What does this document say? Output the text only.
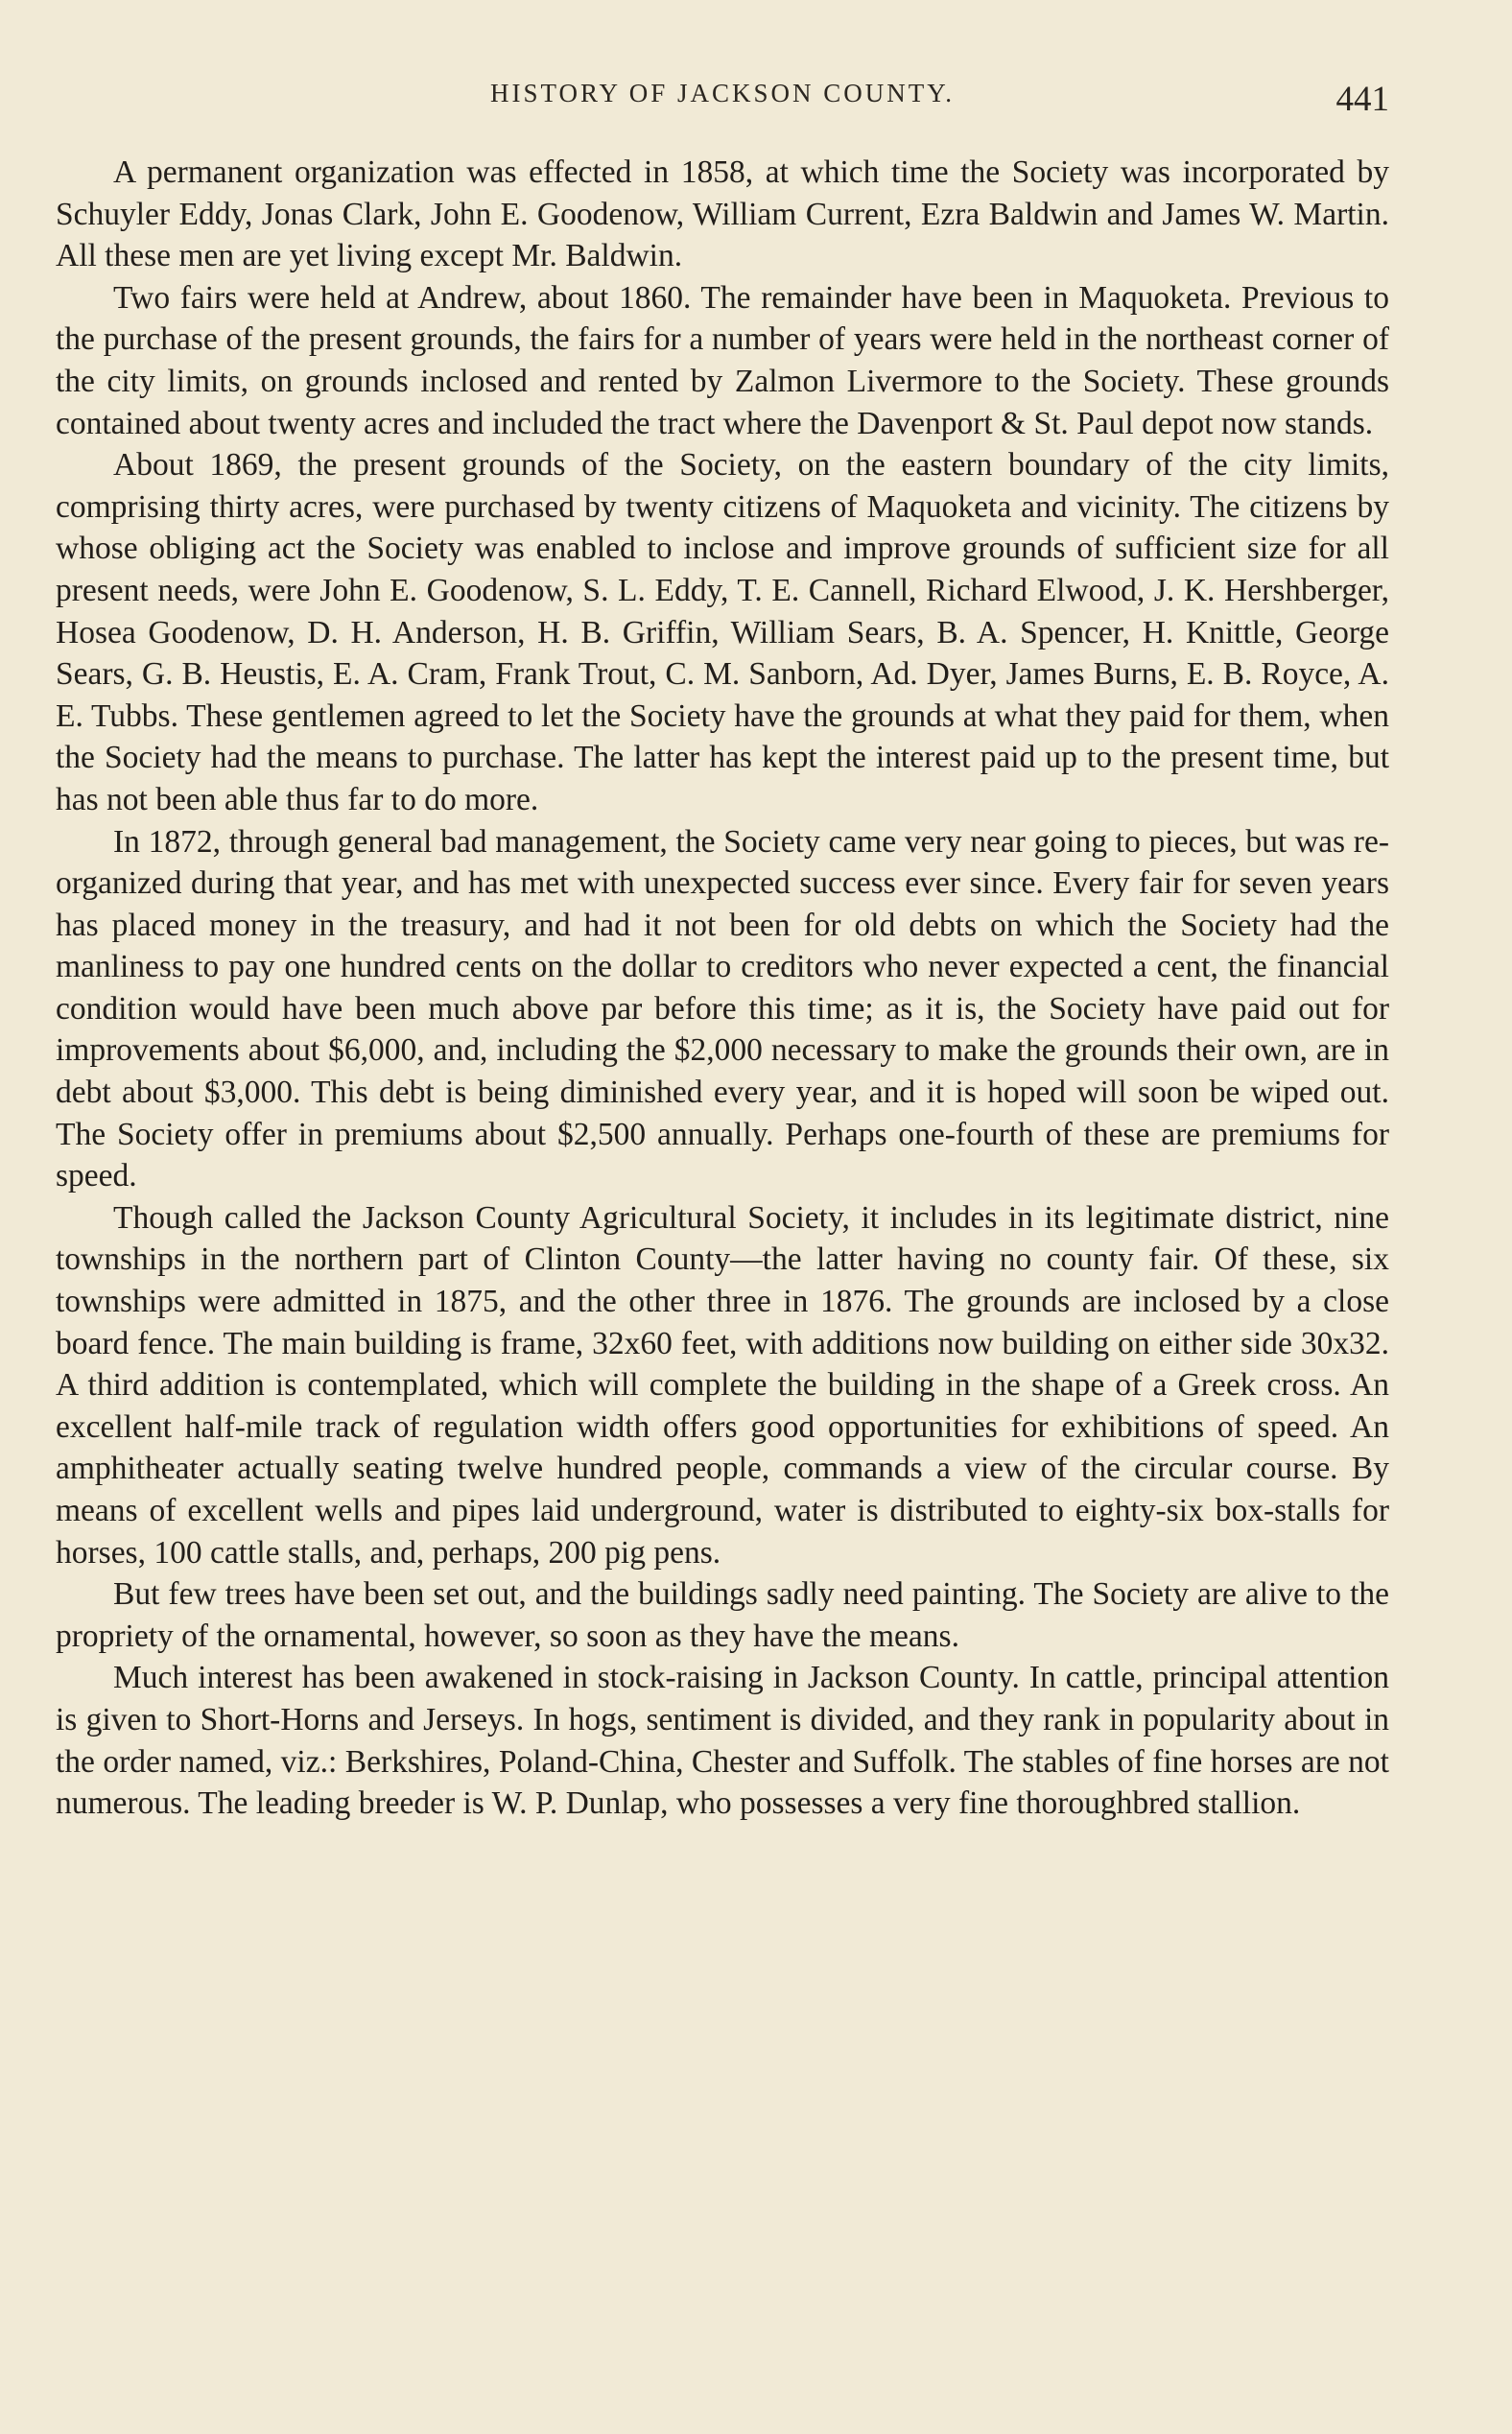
HISTORY OF JACKSON COUNTY.	441

A permanent organization was effected in 1858, at which time the Society was incorporated by Schuyler Eddy, Jonas Clark, John E. Goodenow, William Current, Ezra Baldwin and James W. Martin. All these men are yet living except Mr. Baldwin.

Two fairs were held at Andrew, about 1860. The remainder have been in Maquoketa. Previous to the purchase of the present grounds, the fairs for a number of years were held in the northeast corner of the city limits, on grounds inclosed and rented by Zalmon Livermore to the Society. These grounds contained about twenty acres and included the tract where the Davenport & St. Paul depot now stands.

About 1869, the present grounds of the Society, on the eastern boundary of the city limits, comprising thirty acres, were purchased by twenty citizens of Maquoketa and vicinity. The citizens by whose obliging act the Society was enabled to inclose and improve grounds of sufficient size for all present needs, were John E. Goodenow, S. L. Eddy, T. E. Cannell, Richard Elwood, J. K. Hershberger, Hosea Goodenow, D. H. Anderson, H. B. Griffin, William Sears, B. A. Spencer, H. Knittle, George Sears, G. B. Heustis, E. A. Cram, Frank Trout, C. M. Sanborn, Ad. Dyer, James Burns, E. B. Royce, A. E. Tubbs. These gentlemen agreed to let the Society have the grounds at what they paid for them, when the Society had the means to purchase. The latter has kept the interest paid up to the present time, but has not been able thus far to do more.

In 1872, through general bad management, the Society came very near going to pieces, but was re-organized during that year, and has met with unexpected success ever since. Every fair for seven years has placed money in the treasury, and had it not been for old debts on which the Society had the manliness to pay one hundred cents on the dollar to creditors who never expected a cent, the financial condition would have been much above par before this time; as it is, the Society have paid out for improvements about $6,000, and, including the $2,000 necessary to make the grounds their own, are in debt about $3,000. This debt is being diminished every year, and it is hoped will soon be wiped out. The Society offer in premiums about $2,500 annually. Perhaps one-fourth of these are premiums for speed.

Though called the Jackson County Agricultural Society, it includes in its legitimate district, nine townships in the northern part of Clinton County—the latter having no county fair. Of these, six townships were admitted in 1875, and the other three in 1876. The grounds are inclosed by a close board fence. The main building is frame, 32x60 feet, with additions now building on either side 30x32. A third addition is contemplated, which will complete the building in the shape of a Greek cross. An excellent half-mile track of regulation width offers good opportunities for exhibitions of speed. An amphitheater actually seating twelve hundred people, commands a view of the circular course. By means of excellent wells and pipes laid underground, water is distributed to eighty-six box-stalls for horses, 100 cattle stalls, and, perhaps, 200 pig pens.

But few trees have been set out, and the buildings sadly need painting. The Society are alive to the propriety of the ornamental, however, so soon as they have the means.

Much interest has been awakened in stock-raising in Jackson County. In cattle, principal attention is given to Short-Horns and Jerseys. In hogs, sentiment is divided, and they rank in popularity about in the order named, viz.: Berkshires, Poland-China, Chester and Suffolk. The stables of fine horses are not numerous. The leading breeder is W. P. Dunlap, who possesses a very fine thoroughbred stallion.
